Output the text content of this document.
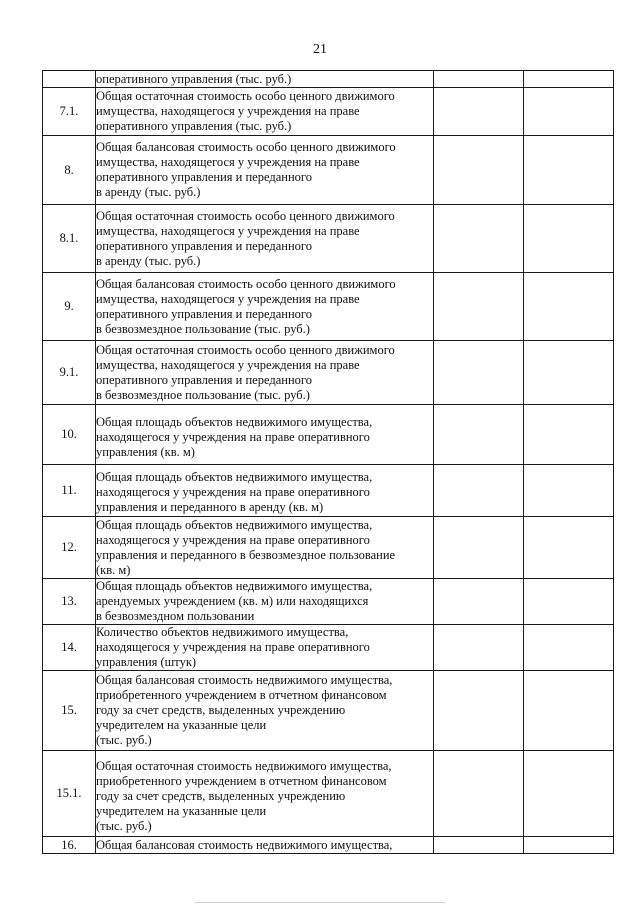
21
	оперативного управления (тыс. руб.)		
7.1.	Общая остаточная стоимость особо ценного движимого
имущества, находящегося у учреждения на праве
оперативного управления (тыс. руб.)		
8.	Общая балансовая стоимость особо ценного движимого
имущества, находящегося у учреждения на праве
оперативного управления и переданного
в аренду (тыс. руб.)		
8.1.	Общая остаточная стоимость особо ценного движимого
имущества, находящегося у учреждения на праве
оперативного управления и переданного
в аренду (тыс. руб.)		
9.	Общая балансовая стоимость особо ценного движимого
имущества, находящегося у учреждения на праве
оперативного управления и переданного
в безвозмездное пользование (тыс. руб.)		
9.1.	Общая остаточная стоимость особо ценного движимого
имущества, находящегося у учреждения на праве
оперативного управления и переданного
в безвозмездное пользование (тыс. руб.)		
10.	Общая площадь объектов недвижимого имущества,
находящегося у учреждения на праве оперативного
управления (кв. м)		
11.	Общая площадь объектов недвижимого имущества,
находящегося у учреждения на праве оперативного
управления и переданного в аренду (кв. м)		
12.	Общая площадь объектов недвижимого имущества,
находящегося у учреждения на праве оперативного
управления и переданного в безвозмездное пользование
(кв. м)		
13.	Общая площадь объектов недвижимого имущества,
арендуемых учреждением (кв. м) или находящихся
в безвозмездном пользовании		
14.	Количество объектов недвижимого имущества,
находящегося у учреждения на праве оперативного
управления (штук)		
15.	Общая балансовая стоимость недвижимого имущества,
приобретенного учреждением в отчетном финансовом
году за счет средств, выделенных учреждению
учредителем на указанные цели
(тыс. руб.)		
15.1.	Общая остаточная стоимость недвижимого имущества,
приобретенного учреждением в отчетном финансовом
году за счет средств, выделенных учреждению
учредителем на указанные цели
(тыс. руб.)		
16.	Общая балансовая стоимость недвижимого имущества,		
